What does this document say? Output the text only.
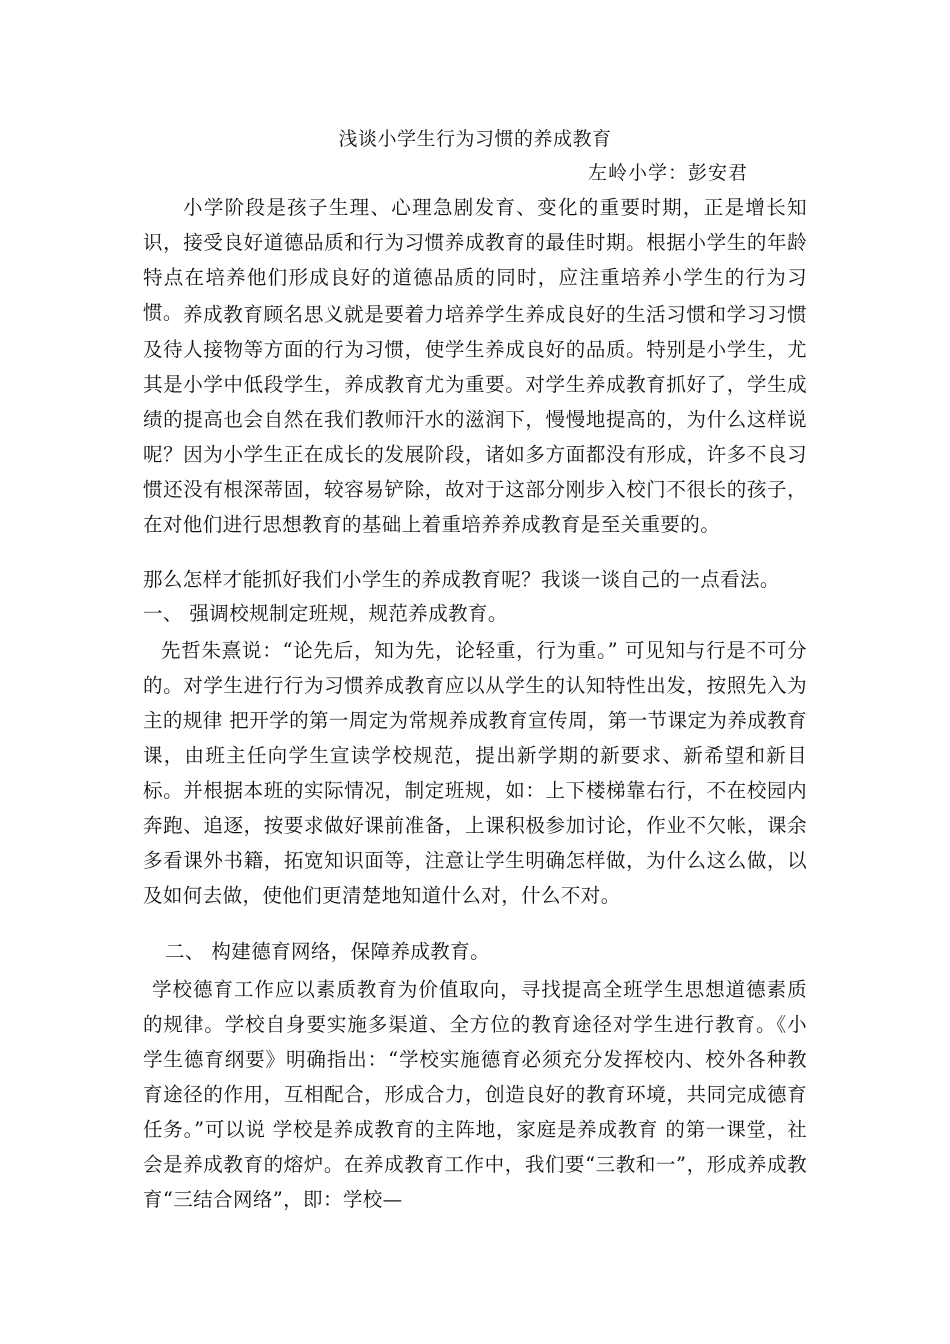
浅谈小学生行为习惯的养成教育
左岭小学：彭安君
小学阶段是孩子生理、心理急剧发育、变化的重要时期，正是增长知识，接受良好道德品质和行为习惯养成教育的最佳时期。根据小学生的年龄特点在培养他们形成良好的道德品质的同时，应注重培养小学生的行为习惯。 养成教育顾名思义就是要着力培养学生养成良好的生活习惯和学习习惯及待人接物等方面的行为习惯，使学生养成良好的品质。特别是小学生，尤其是小学中低段学生，养成教育尤为重要。对学生养成教育抓好了，学生成绩的提高也会自然在我们教师汗水的滋润下，慢慢地提高的，为什么这样说呢？因为小学生正在成长的发展阶段，诸如多方面都没有形成，许多不良习惯还没有根深蒂固，较容易铲除，故对于这部分刚步入校门不很长的孩子，在对他们进行思想教育的基础上着重培养养成教育是至关重要的。
那么怎样才能抓好我们小学生的养成教育呢？我谈一谈自己的一点看法。
一、 强调校规制定班规，规范养成教育。
先哲朱熹说：“论先后，知为先，论轻重，行为重。” 可见知与行是不可分的。对学生进行行为习惯养成教育应以从学生的认知特性出发，按照先入为主的规律 把开学的第一周定为常规养成教育宣传周，第一节课定为养成教育课，由班主任向学生宣读学校规范，提出新学期的新要求、新希望和新目标。并根据本班的实际情况，制定班规，如：上下楼梯靠右行，不在校园内奔跑、追逐，按要求做好课前准备，上课积极参加讨论，作业不欠帐，课余多看课外书籍，拓宽知识面等，注意让学生明确怎样做，为什么这么做，以及如何去做，使他们更清楚地知道什么对，什么不对。
二、 构建德育网络，保障养成教育。
学校德育工作应以素质教育为价值取向，寻找提高全班学生思想道德素质的规律。学校自身要实施多渠道、全方位的教育途径对学生进行教育。《小学生德育纲要》明确指出：“学校实施德育必须充分发挥校内、校外各种教育途径的作用，互相配合，形成合力，创造良好的教育环境，共同完成德育任务。”可以说 学校是养成教育的主阵地，家庭是养成教育 的第一课堂，社会是养成教育的熔炉。在养成教育工作中，我们要“三教和一”，形成养成教育“三结合网络”，即：学校—
